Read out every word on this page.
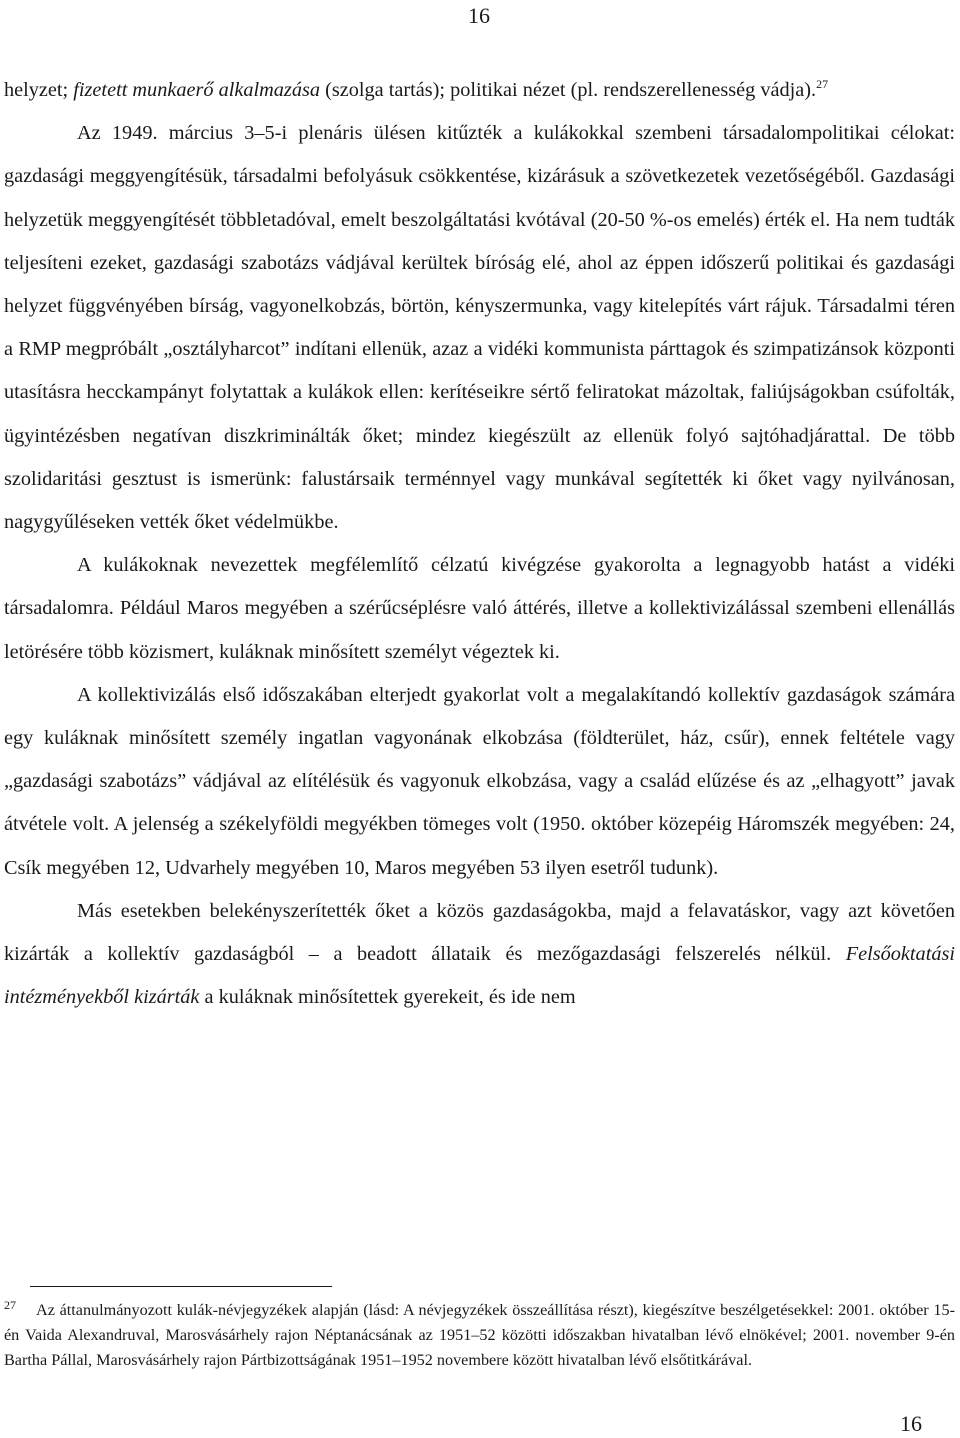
16

helyzet; fizetett munkaerő alkalmazása (szolga tartás); politikai nézet (pl. rendszerellenesség vádja).$^{27}$

Az 1949. március 3–5-i plenáris ülésen kitűzték a kulákokkal szembeni társadalompolitikai célokat: gazdasági meggyengítésük, társadalmi befolyásuk csökkentése, kizárásuk a szövetkezetek vezetőségéből. Gazdasági helyzetük meggyengítését többletadóval, emelt beszolgáltatási kvótával (20-50 %-os emelés) érték el. Ha nem tudták teljesíteni ezeket, gazdasági szabotázs vádjával kerültek bíróság elé, ahol az éppen időszerű politikai és gazdasági helyzet függvényében bírság, vagyonelkobzás, börtön, kényszermunka, vagy kitelepítés várt rájuk. Társadalmi téren a RMP megpróbált „osztályharcot” indítani ellenük, azaz a vidéki kommunista párttagok és szimpatizánsok központi utasításra hecckampányt folytattak a kulákok ellen: kerítéseikre sértő feliratokat mázoltak, faliújságokban csúfolták, ügyintézésben negatívan diszkriminálták őket; mindez kiegészült az ellenük folyó sajtóhadjárattal. De több szolidaritási gesztust is ismerünk: falustársaik terménnyel vagy munkával segítették ki őket vagy nyilvánosan, nagygyűléseken vették őket védelmükbe.

A kulákoknak nevezettek megfélemlítő célzatú kivégzése gyakorolta a legnagyobb hatást a vidéki társadalomra. Például Maros megyében a szérűcséplésre való áttérés, illetve a kollektivizálással szembeni ellenállás letörésére több közismert, kuláknak minősített személyt végeztek ki.

A kollektivizálás első időszakában elterjedt gyakorlat volt a megalakítandó kollektív gazdaságok számára egy kuláknak minősített személy ingatlan vagyonának elkobzása (földterület, ház, csűr), ennek feltétele vagy „gazdasági szabotázs” vádjával az elítélésük és vagyonuk elkobzása, vagy a család elűzése és az „elhagyott” javak átvétele volt. A jelenség a székelyföldi megyékben tömeges volt (1950. október közepéig Háromszék megyében: 24, Csík megyében 12, Udvarhely megyében 10, Maros megyében 53 ilyen esetről tudunk).

Más esetekben belekényszerítették őket a közös gazdaságokba, majd a felavatáskor, vagy azt követően kizárták a kollektív gazdaságból – a beadott állataik és mezőgazdasági felszerelés nélkül. Felsőoktatási intézményekből kizárták a kuláknak minősítettek gyerekeit, és ide nem

$^{27}$ Az áttanulmányozott kulák-névjegyzékek alapján (lásd: A névjegyzékek összeállítása részt), kiegészítve beszélgetésekkel: 2001. október 15-én Vaida Alexandruval, Marosvásárhely rajon Néptanácsának az 1951–52 közötti időszakban hivatalban lévő elnökével; 2001. november 9-én Bartha Pállal, Marosvásárhely rajon Pártbizottságának 1951–1952 novembere között hivatalban lévő elsőtitkárával.
16
